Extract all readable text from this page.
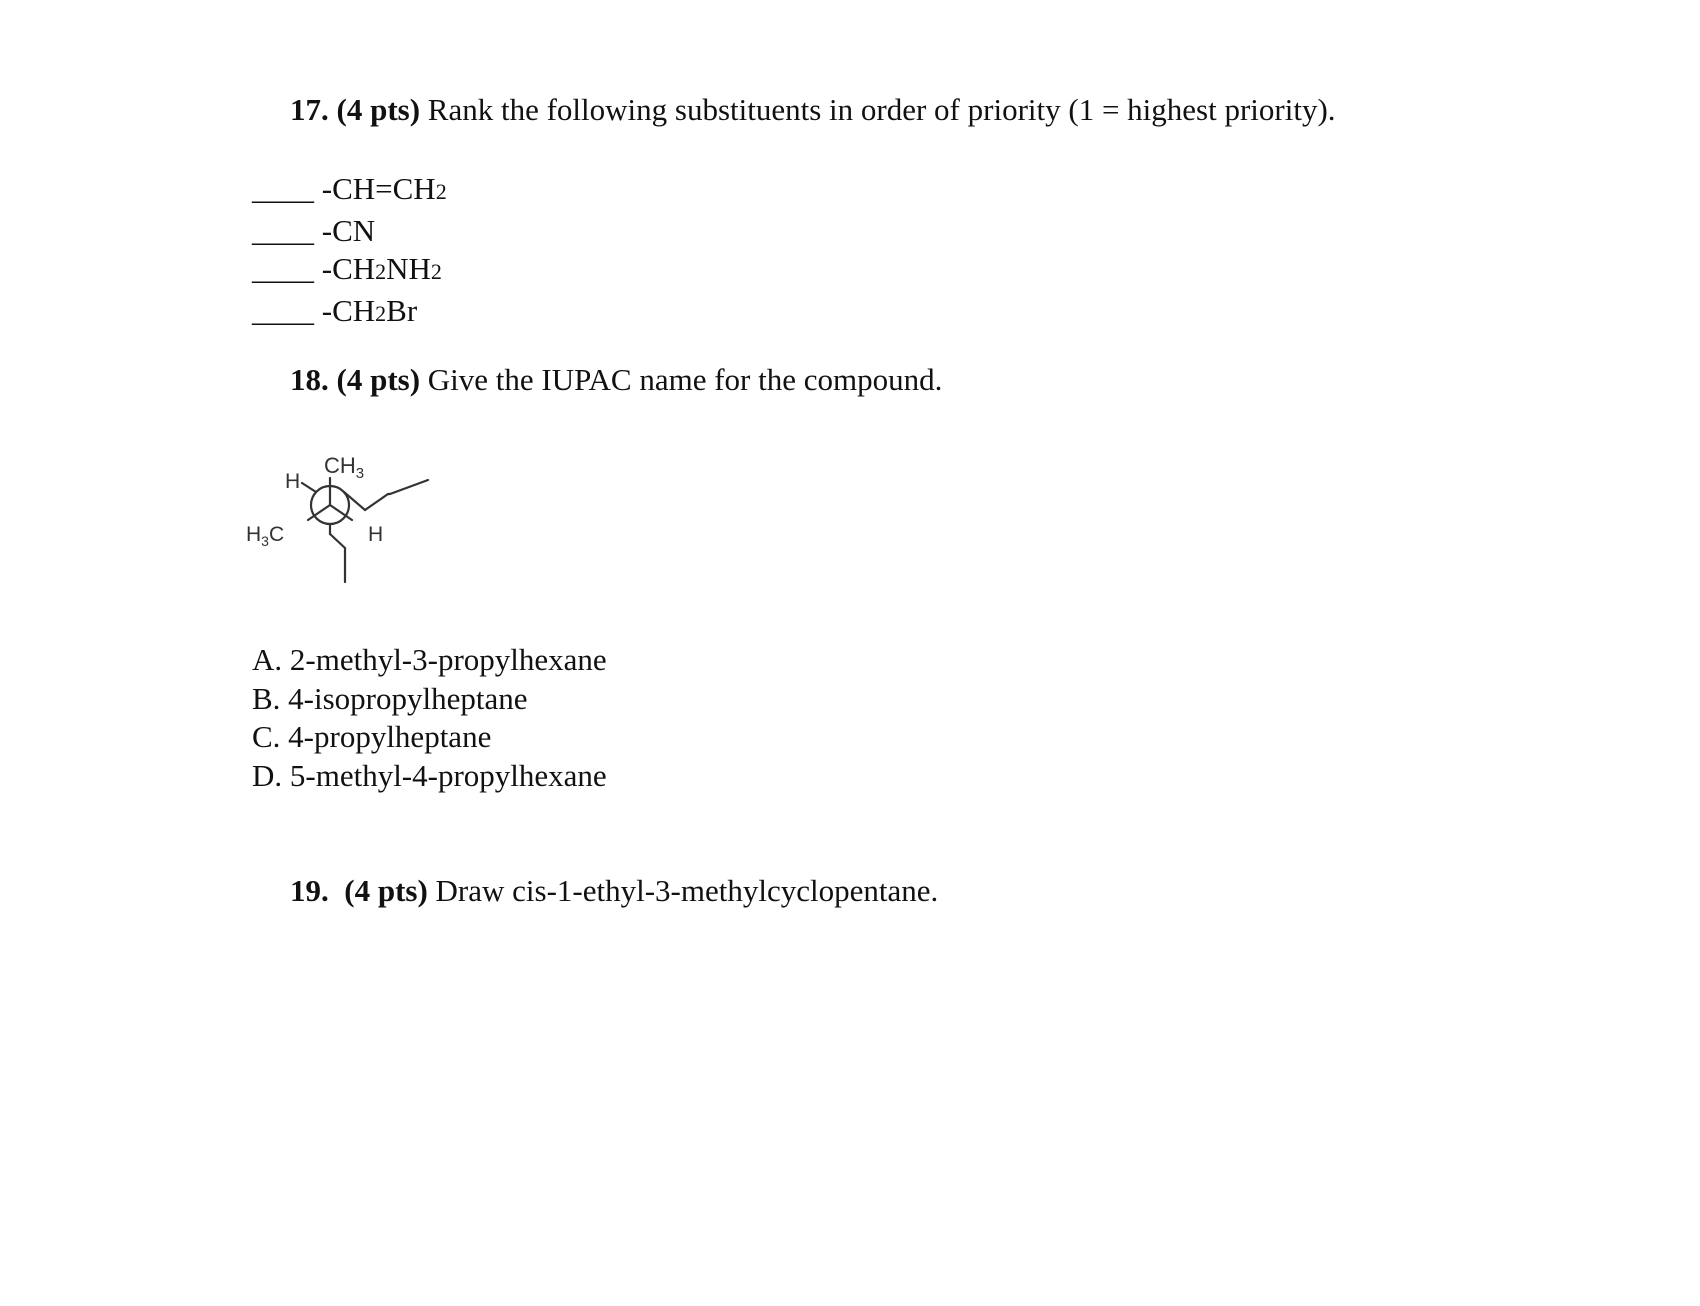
17. (4 pts) Rank the following substituents in order of priority (1 = highest priority).

____ -CH=CH2
____ -CN
____ -CH2NH2
____ -CH2Br

18. (4 pts) Give the IUPAC name for the compound.

$CH_3$
H
$H_3C$	H
A. 2-methyl-3-propylhexane
B. 4-isopropylheptane
C. 4-propylheptane
D. 5-methyl-4-propylhexane

19. (4 pts) Draw cis-1-ethyl-3-methylcyclopentane.
